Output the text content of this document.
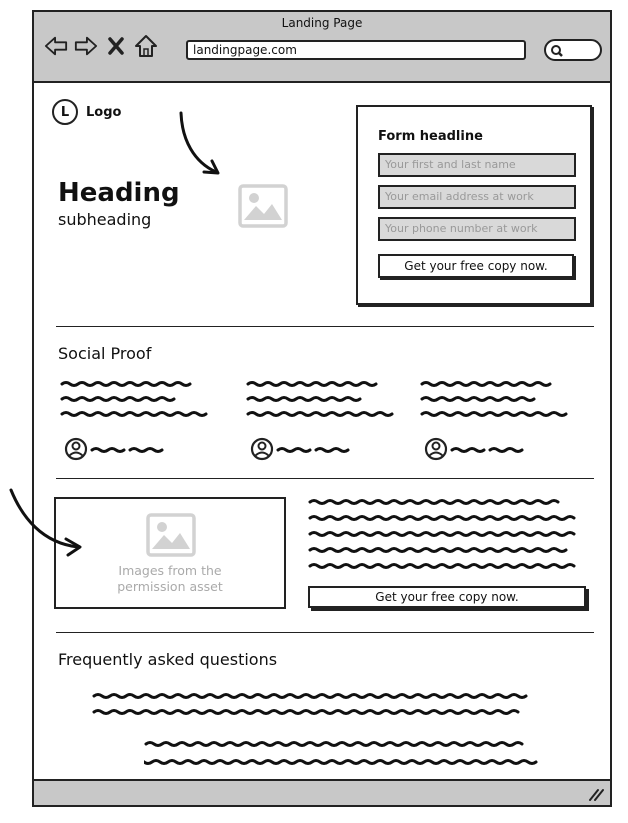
Landing Page
landingpage.com
L	Logo
Heading
subheading
Form headline
Your first and last name
Your email address at work
Your phone number at work
Get your free copy now.
Social Proof
Images from the
permission asset
Get your free copy now.
Frequently asked questions
